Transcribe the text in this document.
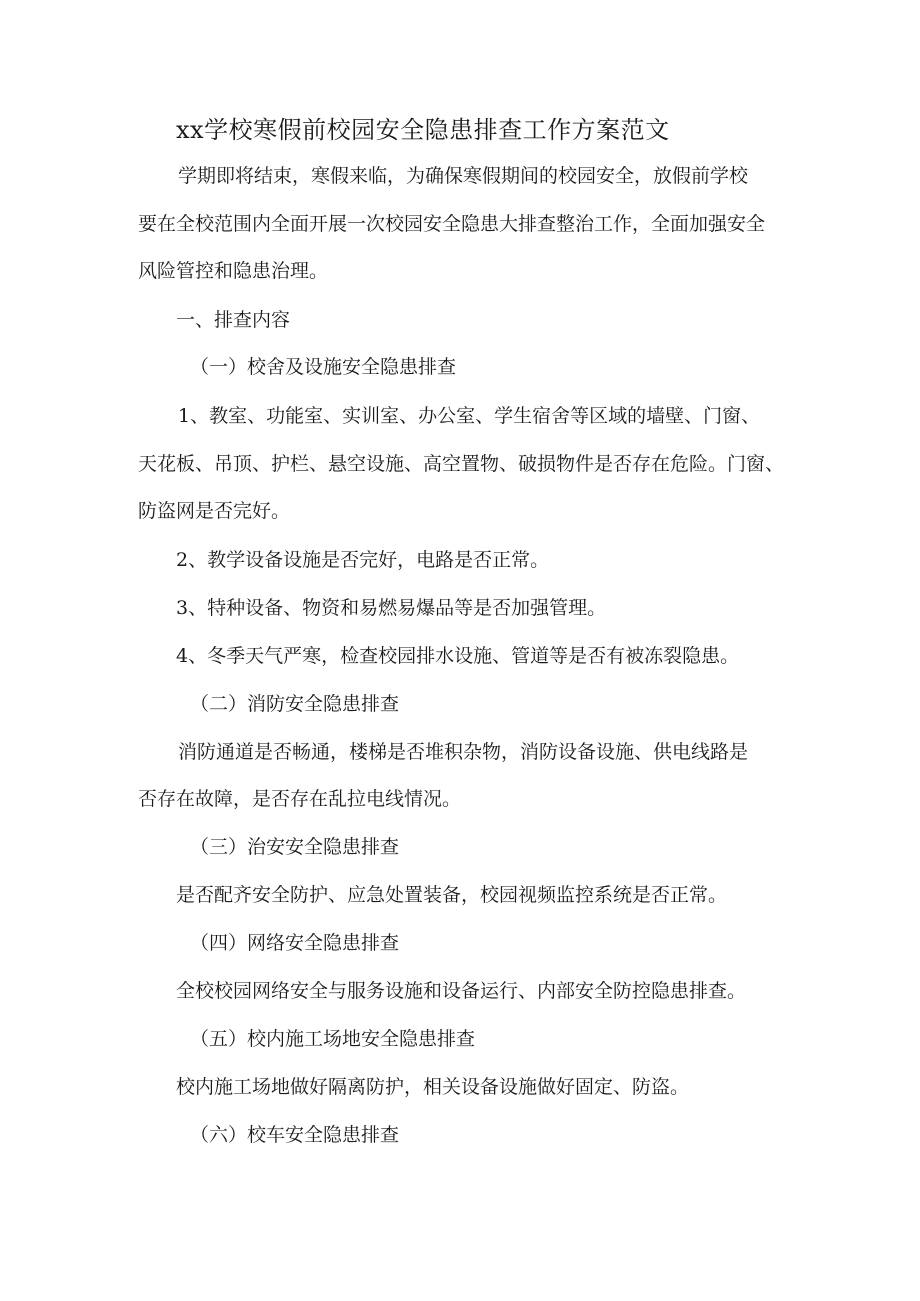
xx学校寒假前校园安全隐患排查工作方案范文
学期即将结束，寒假来临，为确保寒假期间的校园安全，放假前学校
要在全校范围内全面开展一次校园安全隐患大排查整治工作，全面加强安全
风险管控和隐患治理。
一、排查内容
（一）校舍及设施安全隐患排查
1、教室、功能室、实训室、办公室、学生宿舍等区域的墙壁、门窗、
天花板、吊顶、护栏、悬空设施、高空置物、破损物件是否存在危险。门窗、
防盗网是否完好。
2、教学设备设施是否完好，电路是否正常。
3、特种设备、物资和易燃易爆品等是否加强管理。
4、冬季天气严寒，检查校园排水设施、管道等是否有被冻裂隐患。
（二）消防安全隐患排查
消防通道是否畅通，楼梯是否堆积杂物，消防设备设施、供电线路是
否存在故障，是否存在乱拉电线情况。
（三）治安安全隐患排查
是否配齐安全防护、应急处置装备，校园视频监控系统是否正常。
（四）网络安全隐患排查
全校校园网络安全与服务设施和设备运行、内部安全防控隐患排查。
（五）校内施工场地安全隐患排查
校内施工场地做好隔离防护，相关设备设施做好固定、防盗。
（六）校车安全隐患排查
